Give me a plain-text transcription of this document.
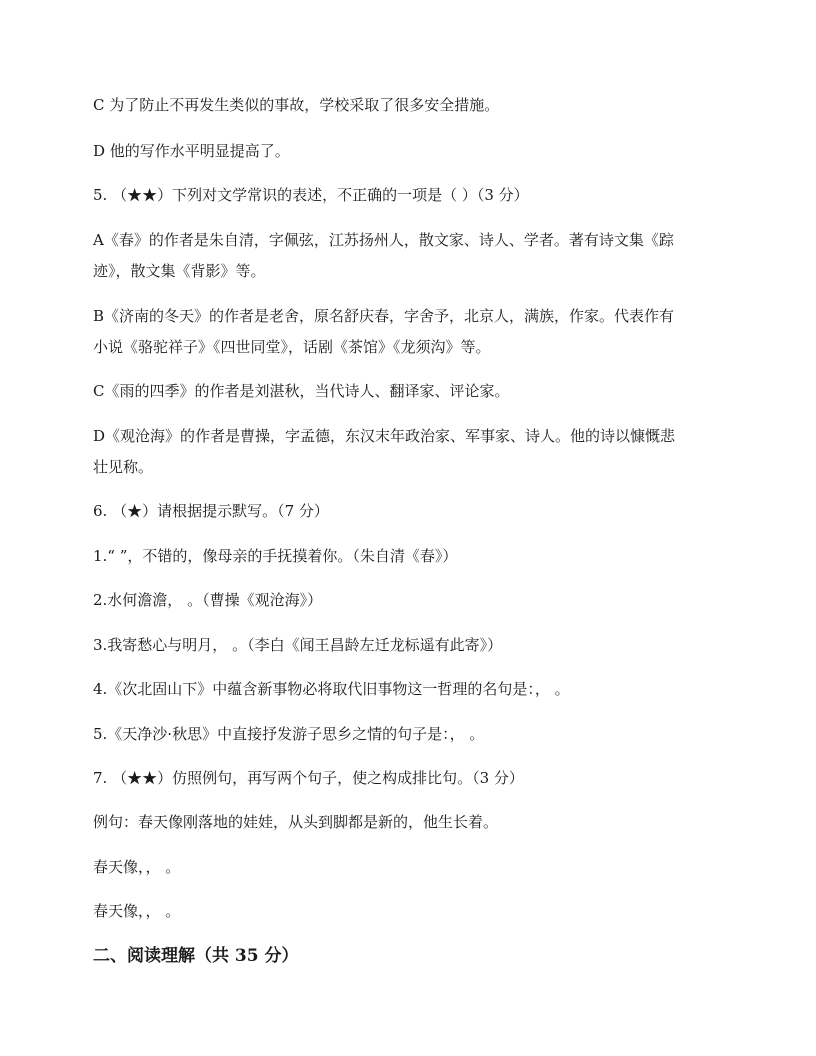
C 为了防止不再发生类似的事故，学校采取了很多安全措施。
D 他的写作水平明显提高了。
5. （★★）下列对文学常识的表述，不正确的一项是（ ）（3 分）
A《春》的作者是朱自清，字佩弦，江苏扬州人，散文家、诗人、学者。著有诗文集《踪
迹》，散文集《背影》等。
B《济南的冬天》的作者是老舍，原名舒庆春，字舍予，北京人，满族，作家。代表作有
小说《骆驼祥子》《四世同堂》，话剧《茶馆》《龙须沟》等。
C《雨的四季》的作者是刘湛秋，当代诗人、翻译家、评论家。
D《观沧海》的作者是曹操，字孟德，东汉末年政治家、军事家、诗人。他的诗以慷慨悲
壮见称。
6. （★）请根据提示默写。（7 分）
1.“ ”，不错的，像母亲的手抚摸着你。（朱自清《春》）
2.水何澹澹， 。（曹操《观沧海》）
3.我寄愁心与明月， 。（李白《闻王昌龄左迁龙标遥有此寄》）
4.《次北固山下》中蕴含新事物必将取代旧事物这一哲理的名句是：， 。
5.《天净沙·秋思》中直接抒发游子思乡之情的句子是：， 。
7. （★★）仿照例句，再写两个句子，使之构成排比句。（3 分）
例句：春天像刚落地的娃娃，从头到脚都是新的，他生长着。
春天像，， 。
春天像，， 。
二、阅读理解（共 35 分）
